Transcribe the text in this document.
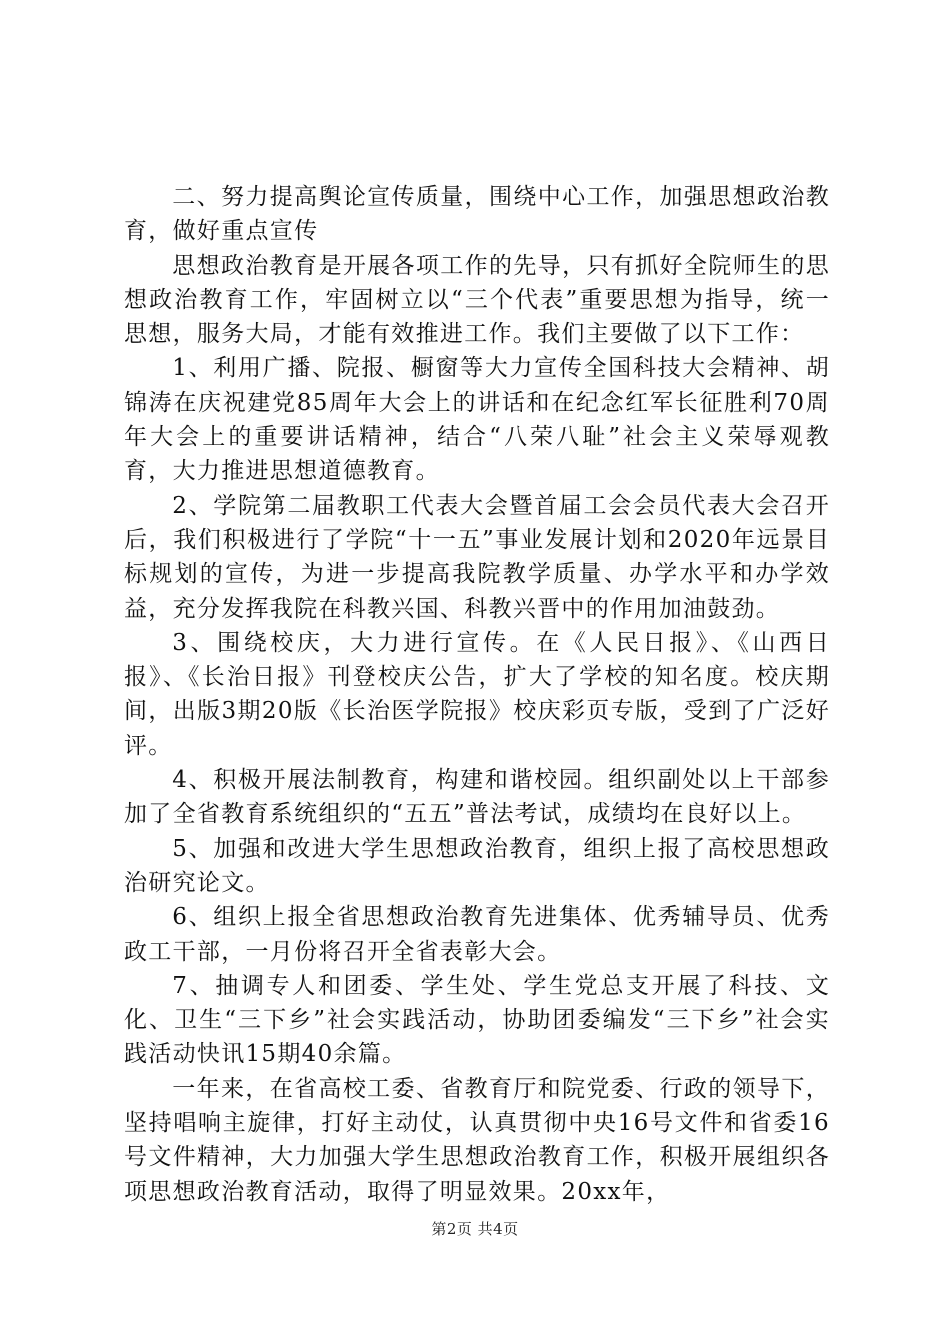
二、努力提高舆论宣传质量，围绕中心工作，加强思想政治教育，做好重点宣传

思想政治教育是开展各项工作的先导，只有抓好全院师生的思想政治教育工作，牢固树立以“三个代表”重要思想为指导，统一思想，服务大局，才能有效推进工作。我们主要做了以下工作：

1、利用广播、院报、橱窗等大力宣传全国科技大会精神、胡锦涛在庆祝建党85周年大会上的讲话和在纪念红军长征胜利70周年大会上的重要讲话精神，结合“八荣八耻”社会主义荣辱观教育，大力推进思想道德教育。

2、学院第二届教职工代表大会暨首届工会会员代表大会召开后，我们积极进行了学院“十一五”事业发展计划和2020年远景目标规划的宣传，为进一步提高我院教学质量、办学水平和办学效益，充分发挥我院在科教兴国、科教兴晋中的作用加油鼓劲。

3、围绕校庆，大力进行宣传。在《人民日报》、《山西日报》、《长治日报》刊登校庆公告，扩大了学校的知名度。校庆期间，出版3期20版《长治医学院报》校庆彩页专版，受到了广泛好评。

4、积极开展法制教育，构建和谐校园。组织副处以上干部参加了全省教育系统组织的“五五”普法考试，成绩均在良好以上。

5、加强和改进大学生思想政治教育，组织上报了高校思想政治研究论文。

6、组织上报全省思想政治教育先进集体、优秀辅导员、优秀政工干部，一月份将召开全省表彰大会。

7、抽调专人和团委、学生处、学生党总支开展了科技、文化、卫生“三下乡”社会实践活动，协助团委编发“三下乡”社会实践活动快讯15期40余篇。

一年来，在省高校工委、省教育厅和院党委、行政的领导下，坚持唱响主旋律，打好主动仗，认真贯彻中央16号文件和省委16号文件精神，大力加强大学生思想政治教育工作，积极开展组织各项思想政治教育活动，取得了明显效果。20xx年，

第2页 共4页
